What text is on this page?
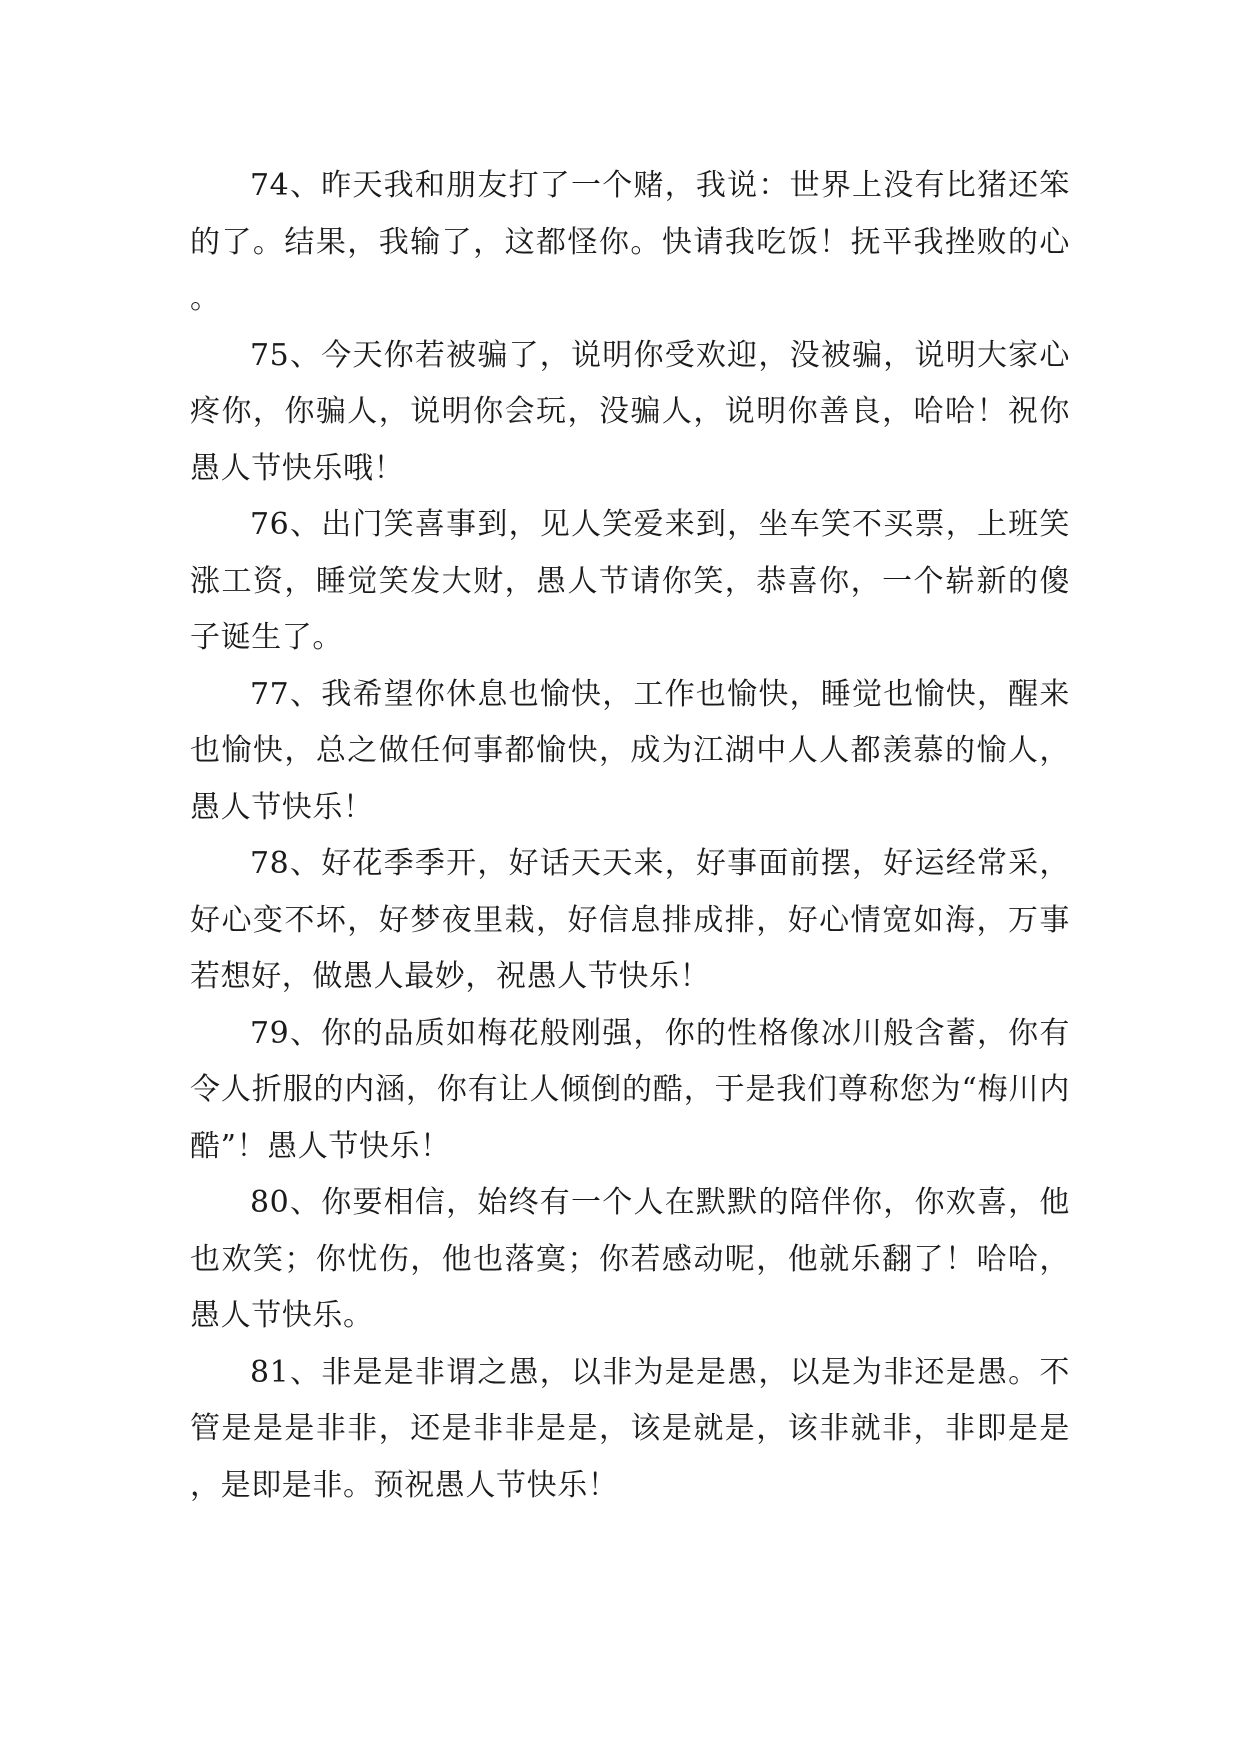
74、昨天我和朋友打了一个赌，我说：世界上没有比猪还笨的了。结果，我输了，这都怪你。快请我吃饭！抚平我挫败的心。

75、今天你若被骗了，说明你受欢迎，没被骗，说明大家心疼你，你骗人，说明你会玩，没骗人，说明你善良，哈哈！祝你愚人节快乐哦！

76、出门笑喜事到，见人笑爱来到，坐车笑不买票，上班笑涨工资，睡觉笑发大财，愚人节请你笑，恭喜你，一个崭新的傻子诞生了。

77、我希望你休息也愉快，工作也愉快，睡觉也愉快，醒来也愉快，总之做任何事都愉快，成为江湖中人人都羡慕的愉人，愚人节快乐！

78、好花季季开，好话天天来，好事面前摆，好运经常采，好心变不坏，好梦夜里栽，好信息排成排，好心情宽如海，万事若想好，做愚人最妙，祝愚人节快乐！

79、你的品质如梅花般刚强，你的性格像冰川般含蓄，你有令人折服的内涵，你有让人倾倒的酷，于是我们尊称您为“梅川内酷”！愚人节快乐！

80、你要相信，始终有一个人在默默的陪伴你，你欢喜，他也欢笑；你忧伤，他也落寞；你若感动呢，他就乐翻了！哈哈，愚人节快乐。

81、非是是非谓之愚，以非为是是愚，以是为非还是愚。不管是是是非非，还是非非是是，该是就是，该非就非，非即是是，是即是非。预祝愚人节快乐！
